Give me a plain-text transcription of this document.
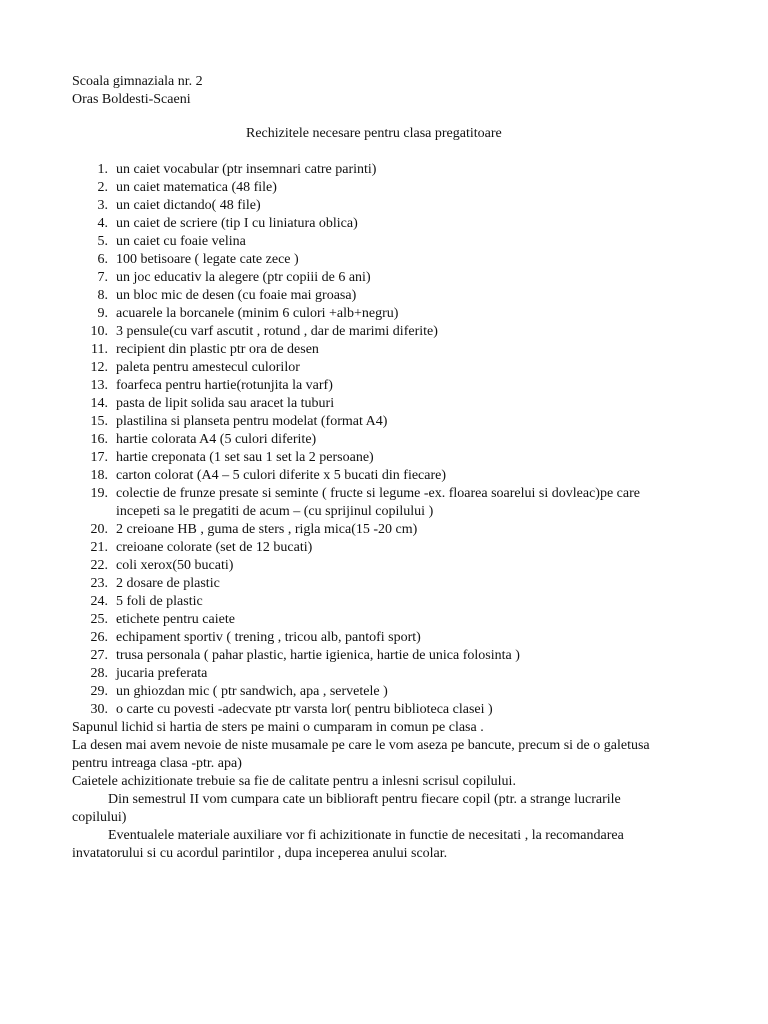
Scoala gimnaziala nr. 2
Oras Boldesti-Scaeni
Rechizitele necesare pentru clasa pregatitoare
1. un caiet vocabular (ptr insemnari catre parinti)
2. un caiet matematica (48 file)
3. un caiet dictando( 48 file)
4. un caiet de scriere (tip I cu liniatura oblica)
5. un caiet cu foaie velina
6. 100 betisoare ( legate cate zece )
7. un joc educativ la alegere (ptr copiii de 6 ani)
8. un bloc mic de desen (cu foaie mai groasa)
9. acuarele la borcanele (minim 6 culori +alb+negru)
10. 3 pensule(cu varf ascutit , rotund , dar de marimi diferite)
11. recipient din plastic ptr ora de desen
12. paleta pentru amestecul culorilor
13. foarfeca pentru hartie(rotunjita la varf)
14. pasta de lipit solida sau aracet la tuburi
15. plastilina si planseta pentru modelat (format A4)
16. hartie colorata A4 (5 culori diferite)
17. hartie creponata (1 set sau 1 set la 2 persoane)
18. carton colorat (A4 – 5 culori diferite x 5 bucati din fiecare)
19. colectie de frunze presate si seminte ( fructe si legume -ex. floarea soarelui si dovleac)pe care
incepeti sa le pregatiti de acum – (cu sprijinul copilului )
20. 2 creioane HB , guma de sters , rigla mica(15 -20 cm)
21. creioane colorate (set de 12 bucati)
22. coli xerox(50 bucati)
23. 2 dosare de plastic
24. 5 foli de plastic
25. etichete pentru caiete
26. echipament sportiv ( trening , tricou alb, pantofi sport)
27. trusa personala ( pahar plastic, hartie igienica, hartie de unica folosinta )
28. jucaria preferata
29. un ghiozdan mic ( ptr sandwich, apa , servetele )
30. o carte cu povesti -adecvate ptr varsta lor( pentru biblioteca clasei )
Sapunul lichid si hartia de sters pe maini o cumparam in comun pe clasa .
La desen mai avem nevoie de niste musamale pe care le vom aseza pe bancute, precum si de o galetusa
pentru intreaga clasa -ptr. apa)
Caietele achizitionate trebuie sa fie de calitate pentru a inlesni scrisul copilului.
Din semestrul II vom cumpara cate un biblioraft pentru fiecare copil (ptr. a strange lucrarile
copilului)
Eventualele materiale auxiliare vor fi achizitionate in functie de necesitati , la recomandarea
invatatorului si cu acordul parintilor , dupa inceperea anului scolar.
